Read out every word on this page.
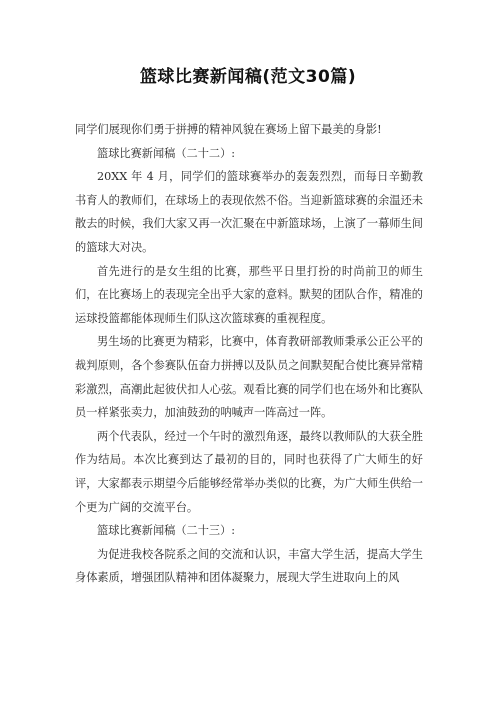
篮球比赛新闻稿(范文30篇)

同学们展现你们勇于拼搏的精神风貌在赛场上留下最美的身影!

篮球比赛新闻稿（二十二）:

20XX 年 4 月，同学们的篮球赛举办的轰轰烈烈，而每日辛勤教书育人的教师们，在球场上的表现依然不俗。当迎新篮球赛的余温还未散去的时候，我们大家又再一次汇聚在中新篮球场，上演了一幕师生间的篮球大对决。

首先进行的是女生组的比赛，那些平日里打扮的时尚前卫的师生们，在比赛场上的表现完全出乎大家的意料。默契的团队合作，精准的运球投篮都能体现师生们队这次篮球赛的重视程度。

男生场的比赛更为精彩，比赛中，体育教研部教师秉承公正公平的裁判原则，各个参赛队伍奋力拼搏以及队员之间默契配合使比赛异常精彩激烈，高潮此起彼伏扣人心弦。观看比赛的同学们也在场外和比赛队员一样紧张卖力，加油鼓劲的呐喊声一阵高过一阵。

两个代表队，经过一个午时的激烈角逐，最终以教师队的大获全胜作为结局。本次比赛到达了最初的目的，同时也获得了广大师生的好评，大家都表示期望今后能够经常举办类似的比赛，为广大师生供给一个更为广阔的交流平台。

篮球比赛新闻稿（二十三）:

为促进我校各院系之间的交流和认识，丰富大学生活，提高大学生身体素质，增强团队精神和团体凝聚力，展现大学生进取向上的风
